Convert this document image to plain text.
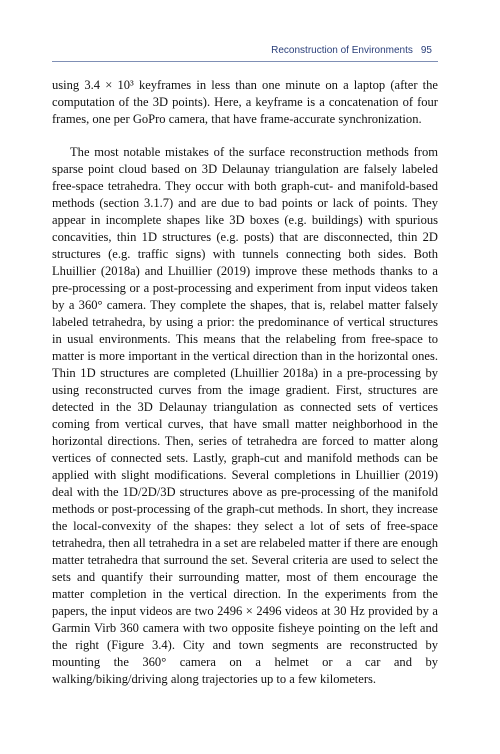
Reconstruction of Environments 95

using 3.4 × 10³ keyframes in less than one minute on a laptop (after the computation of the 3D points). Here, a keyframe is a concatenation of four frames, one per GoPro camera, that have frame-accurate synchronization.

The most notable mistakes of the surface reconstruction methods from sparse point cloud based on 3D Delaunay triangulation are falsely labeled free-space tetrahedra. They occur with both graph-cut- and manifold-based methods (section 3.1.7) and are due to bad points or lack of points. They appear in incomplete shapes like 3D boxes (e.g. buildings) with spurious concavities, thin 1D structures (e.g. posts) that are disconnected, thin 2D structures (e.g. traffic signs) with tunnels connecting both sides. Both Lhuillier (2018a) and Lhuillier (2019) improve these methods thanks to a pre-processing or a post-processing and experiment from input videos taken by a 360° camera. They complete the shapes, that is, relabel matter falsely labeled tetrahedra, by using a prior: the predominance of vertical structures in usual environments. This means that the relabeling from free-space to matter is more important in the vertical direction than in the horizontal ones. Thin 1D structures are completed (Lhuillier 2018a) in a pre-processing by using reconstructed curves from the image gradient. First, structures are detected in the 3D Delaunay triangulation as connected sets of vertices coming from vertical curves, that have small matter neighborhood in the horizontal directions. Then, series of tetrahedra are forced to matter along vertices of connected sets. Lastly, graph-cut and manifold methods can be applied with slight modifications. Several completions in Lhuillier (2019) deal with the 1D/2D/3D structures above as pre-processing of the manifold methods or post-processing of the graph-cut methods. In short, they increase the local-convexity of the shapes: they select a lot of sets of free-space tetrahedra, then all tetrahedra in a set are relabeled matter if there are enough matter tetrahedra that surround the set. Several criteria are used to select the sets and quantify their surrounding matter, most of them encourage the matter completion in the vertical direction. In the experiments from the papers, the input videos are two 2496 × 2496 videos at 30 Hz provided by a Garmin Virb 360 camera with two opposite fisheye pointing on the left and the right (Figure 3.4). City and town segments are reconstructed by mounting the 360° camera on a helmet or a car and by walking/biking/driving along trajectories up to a few kilometers.
